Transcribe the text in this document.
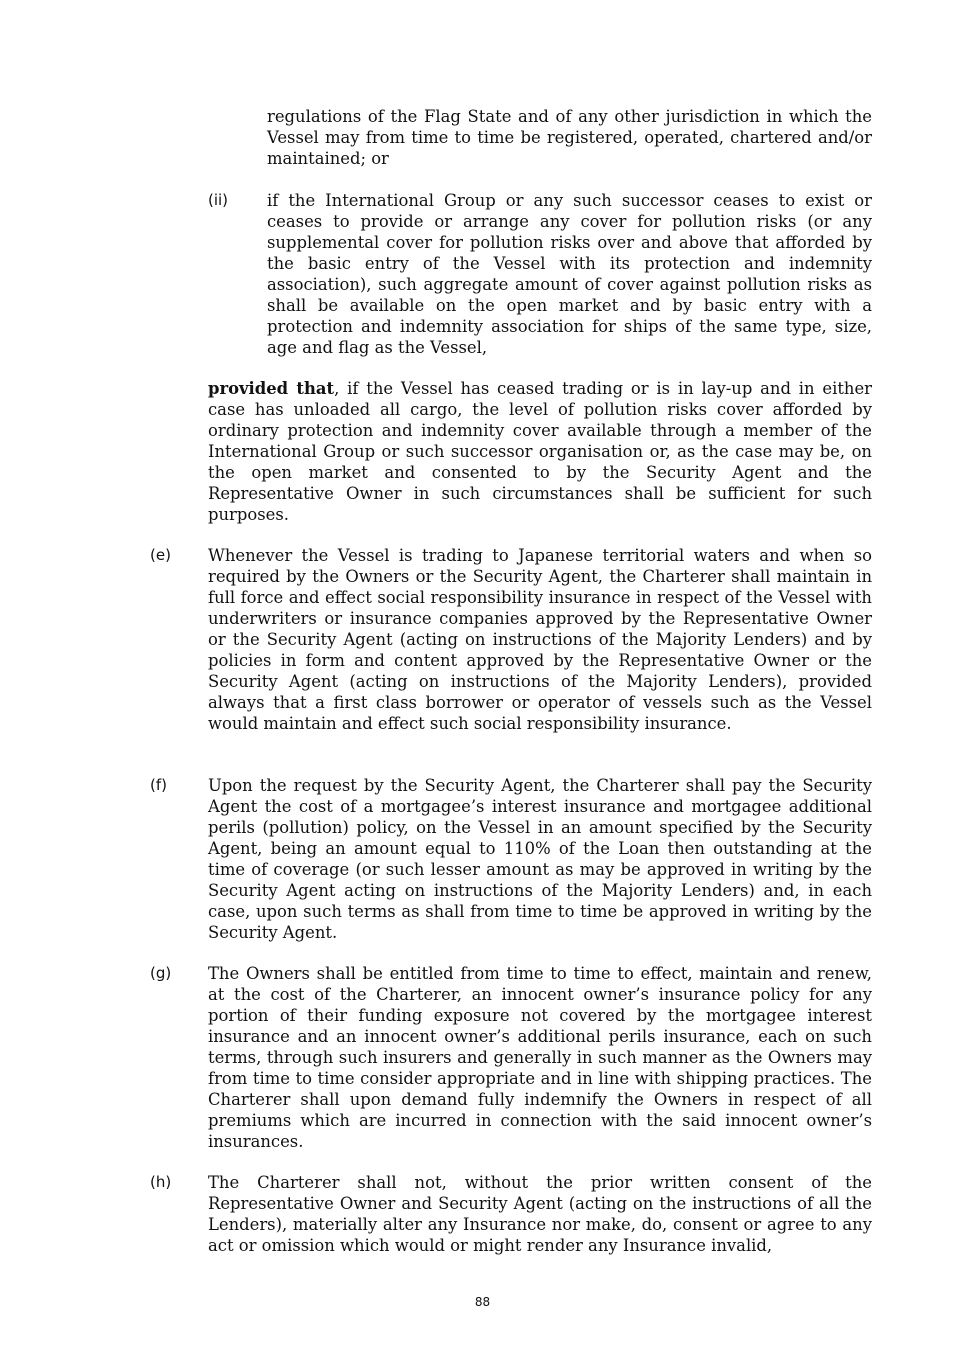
regulations of the Flag State and of any other jurisdiction in which the Vessel may from time to time be registered, operated, chartered and/or maintained; or

(ii) if the International Group or any such successor ceases to exist or ceases to provide or arrange any cover for pollution risks (or any supplemental cover for pollution risks over and above that afforded by the basic entry of the Vessel with its protection and indemnity association), such aggregate amount of cover against pollution risks as shall be available on the open market and by basic entry with a protection and indemnity association for ships of the same type, size, age and flag as the Vessel,

provided that, if the Vessel has ceased trading or is in lay-up and in either case has unloaded all cargo, the level of pollution risks cover afforded by ordinary protection and indemnity cover available through a member of the International Group or such successor organisation or, as the case may be, on the open market and consented to by the Security Agent and the Representative Owner in such circumstances shall be sufficient for such purposes.

(e) Whenever the Vessel is trading to Japanese territorial waters and when so required by the Owners or the Security Agent, the Charterer shall maintain in full force and effect social responsibility insurance in respect of the Vessel with underwriters or insurance companies approved by the Representative Owner or the Security Agent (acting on instructions of the Majority Lenders) and by policies in form and content approved by the Representative Owner or the Security Agent (acting on instructions of the Majority Lenders), provided always that a first class borrower or operator of vessels such as the Vessel would maintain and effect such social responsibility insurance.

(f)	Upon the request by the Security Agent, the Charterer shall pay the Security Agent the cost of a mortgagee’s interest insurance and mortgagee additional perils (pollution) policy, on the Vessel in an amount specified by the Security Agent, being an amount equal to 110% of the Loan then outstanding at the time of coverage (or such lesser amount as may be approved in writing by the Security Agent acting on instructions of the Majority Lenders) and, in each case, upon such terms as shall from time to time be approved in writing by the Security Agent.

(g) The Owners shall be entitled from time to time to effect, maintain and renew, at the cost of the Charterer, an innocent owner’s insurance policy for any portion of their funding exposure not covered by the mortgagee interest insurance and an innocent owner’s additional perils insurance, each on such terms, through such insurers and generally in such manner as the Owners may from time to time consider appropriate and in line with shipping practices. The Charterer shall upon demand fully indemnify the Owners in respect of all premiums which are incurred in connection with the said innocent owner’s insurances.

(h) The Charterer shall not, without the prior written consent of the Representative Owner and Security Agent (acting on the instructions of all the Lenders), materially alter any Insurance nor make, do, consent or agree to any act or omission which would or might render any Insurance invalid,

88
